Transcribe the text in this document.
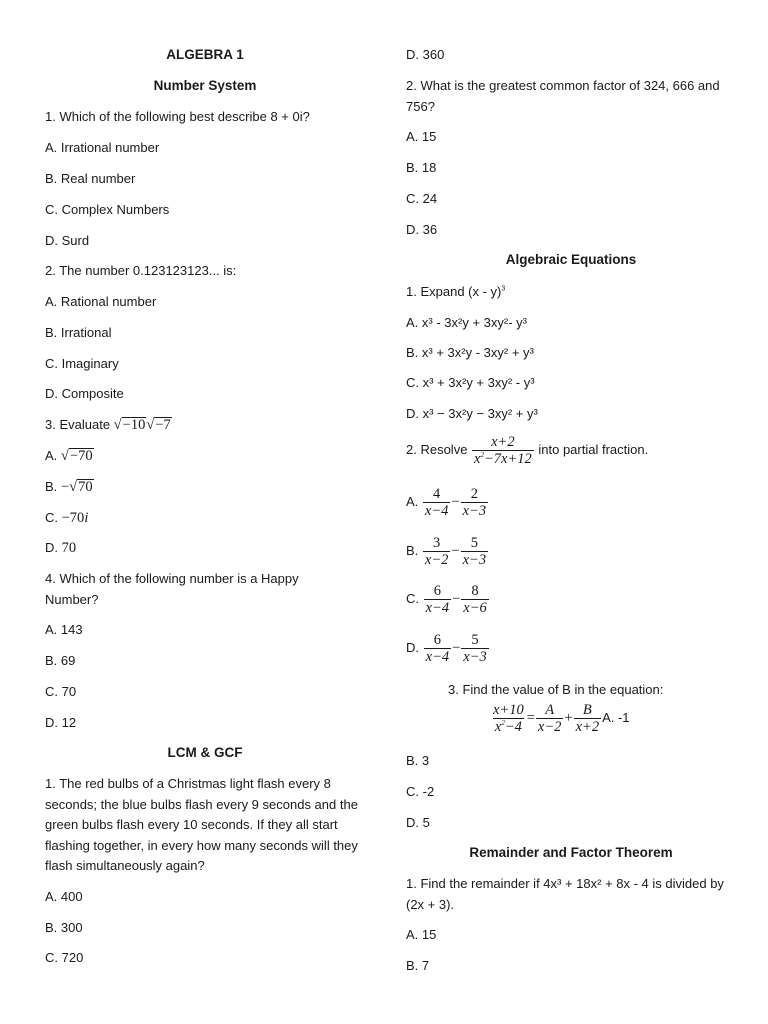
ALGEBRA 1

Number System

1. Which of the following best describe 8 + 0i?

A. Irrational number

B. Real number

C. Complex Numbers

D. Surd

2. The number 0.123123123... is:

A. Rational number

B. Irrational

C. Imaginary

D. Composite

3. Evaluate √−10√−7

A. √−70

B. −√70

C. −70i

D. 70

4. Which of the following number is a Happy Number?

A. 143

B. 69

C. 70

D. 12

LCM & GCF

1. The red bulbs of a Christmas light flash every 8 seconds; the blue bulbs flash every 9 seconds and the green bulbs flash every 10 seconds. If they all start flashing together, in every how many seconds will they flash simultaneously again?

A. 400

B. 300

C. 720

D. 360

2. What is the greatest common factor of 324, 666 and 756?

A. 15

B. 18

C. 24

D. 36

Algebraic Equations

1. Expand (x - y)$^3$

A. x³ - 3x²y + 3xy²- y³

B. x³ + 3x²y - 3xy² + y³

C. x³ + 3x²y + 3xy² - y³

D. x³ − 3x²y − 3xy² + y³

2. Resolve
$\frac{x+2}{x^2-7x+12}$
into partial fraction.
A.
$\frac{4}{x-4} - \frac{2}{x-3}$
B.
$\frac{3}{x-2} - \frac{5}{x-3}$
C.
$\frac{6}{x-4} - \frac{8}{x-6}$
D.
$\frac{6}{x-4} - \frac{5}{x-3}$

3. Find the value of B in the equation:

$\frac{x+10}{x^2-4} = \frac{A}{x-2} + \frac{B}{x+2} A$. -1

B. 3

C. -2

D. 5

Remainder and Factor Theorem

1. Find the remainder if 4x³ + 18x² + 8x - 4 is divided by (2x + 3).

A. 15

B. 7
